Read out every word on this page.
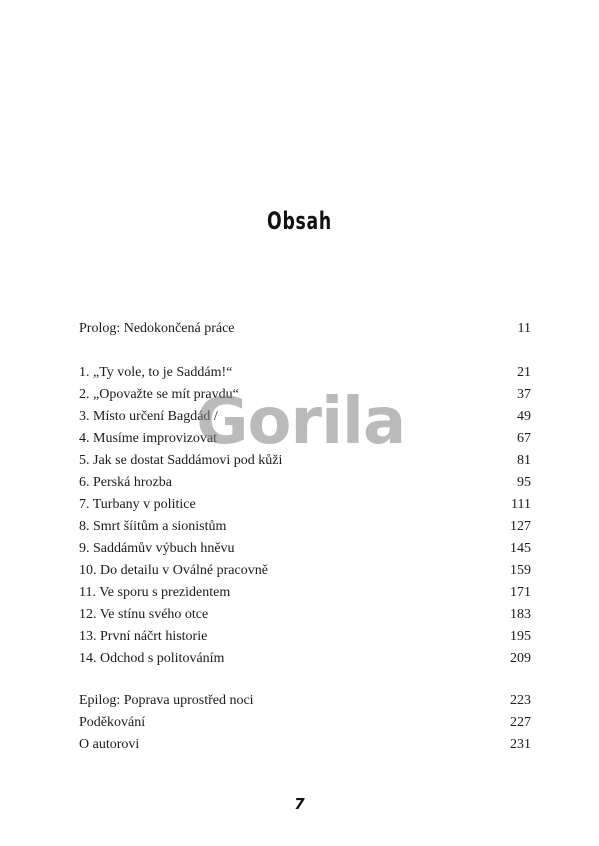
Obsah
Prolog: Nedokončená práce	11
1. „Ty vole, to je Saddám!“	21
2. „Opovažte se mít pravdu“	37
3. Místo určení Bagdád /	49
4. Musíme improvizovat	67
5. Jak se dostat Saddámovi pod kůži	81
6. Perská hrozba	95
7. Turbany v politice	111
8. Smrt šíitům a sionistům	127
9. Saddámův výbuch hněvu	145
10. Do detailu v Oválné pracovně	159
11. Ve sporu s prezidentem	171
12. Ve stínu svého otce	183
13. První náčrt historie	195
14. Odchod s politováním	209
Epilog: Poprava uprostřed noci	223
Poděkování	227
O autorovi	231
Gorila
7
